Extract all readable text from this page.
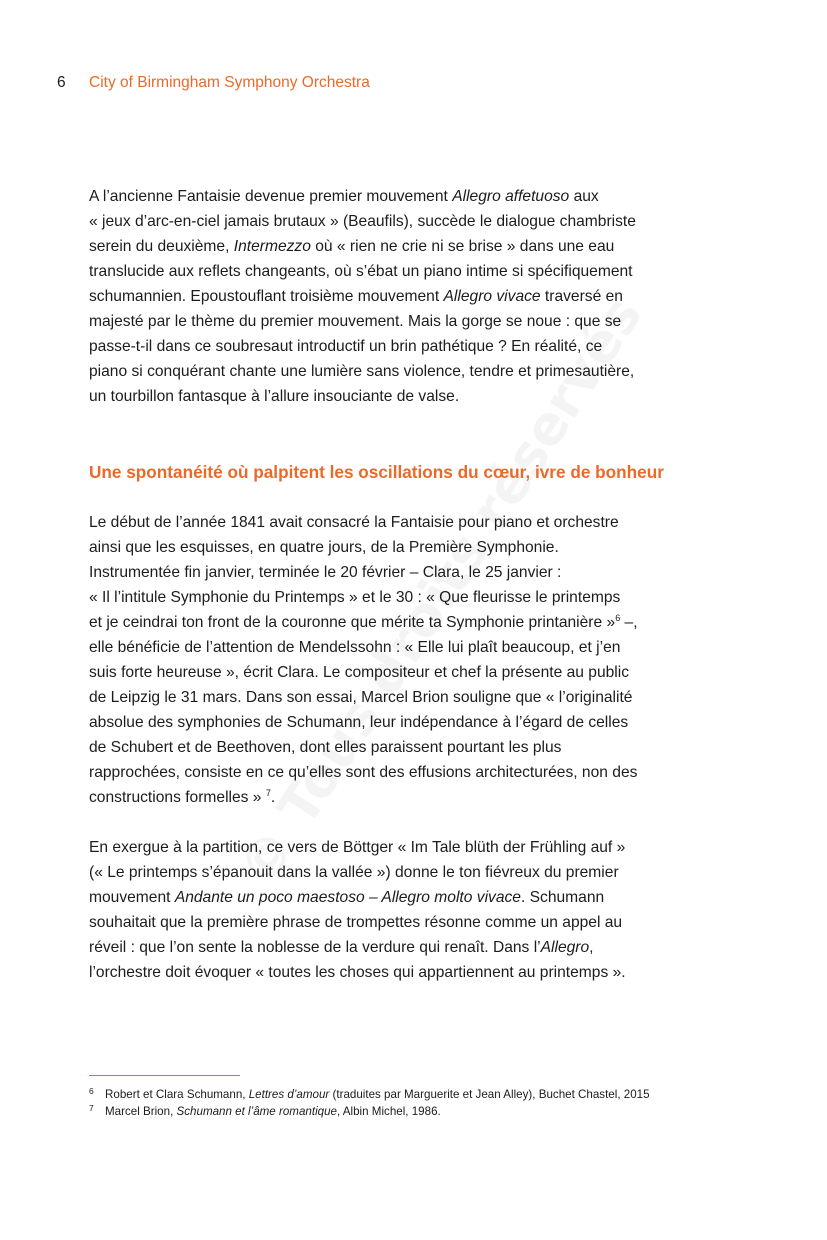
6 City of Birmingham Symphony Orchestra

A l’ancienne Fantaisie devenue premier mouvement Allegro affetuoso aux
« jeux d’arc-en-ciel jamais brutaux » (Beaufils), succède le dialogue chambriste
serein du deuxième, Intermezzo où « rien ne crie ni se brise » dans une eau
translucide aux reflets changeants, où s’ébat un piano intime si spécifiquement
schumannien. Epoustouflant troisième mouvement Allegro vivace traversé en
majesté par le thème du premier mouvement. Mais la gorge se noue : que se
passe-t-il dans ce soubresaut introductif un brin pathétique ? En réalité, ce
piano si conquérant chante une lumière sans violence, tendre et primesautière,
un tourbillon fantasque à l’allure insouciante de valse.

Une spontanéité où palpitent les oscillations du cœur, ivre de bonheur

Le début de l’année 1841 avait consacré la Fantaisie pour piano et orchestre
ainsi que les esquisses, en quatre jours, de la Première Symphonie.
Instrumentée fin janvier, terminée le 20 février – Clara, le 25 janvier :
« Il l’intitule Symphonie du Printemps » et le 30 : « Que fleurisse le printemps
et je ceindrai ton front de la couronne que mérite ta Symphonie printanière »$^6$ –,
elle bénéficie de l’attention de Mendelssohn : « Elle lui plaît beaucoup, et j’en
suis forte heureuse », écrit Clara. Le compositeur et chef la présente au public
de Leipzig le 31 mars. Dans son essai, Marcel Brion souligne que « l’originalité
absolue des symphonies de Schumann, leur indépendance à l’égard de celles
de Schubert et de Beethoven, dont elles paraissent pourtant les plus
rapprochées, consiste en ce qu’elles sont des effusions architecturées, non des
constructions formelles » $^7$.

En exergue à la partition, ce vers de Böttger « Im Tale blüth der Frühling auf »
(« Le printemps s’épanouit dans la vallée ») donne le ton fiévreux du premier
mouvement Andante un poco maestoso – Allegro molto vivace. Schumann
souhaitait que la première phrase de trompettes résonne comme un appel au
réveil : que l’on sente la noblesse de la verdure qui renaît. Dans l’Allegro,
l’orchestre doit évoquer « toutes les choses qui appartiennent au printemps ».

6 Robert et Clara Schumann, Lettres d’amour (traduites par Marguerite et Jean Alley), Buchet Chastel, 2015
7 Marcel Brion, Schumann et l’âme romantique, Albin Michel, 1986.
